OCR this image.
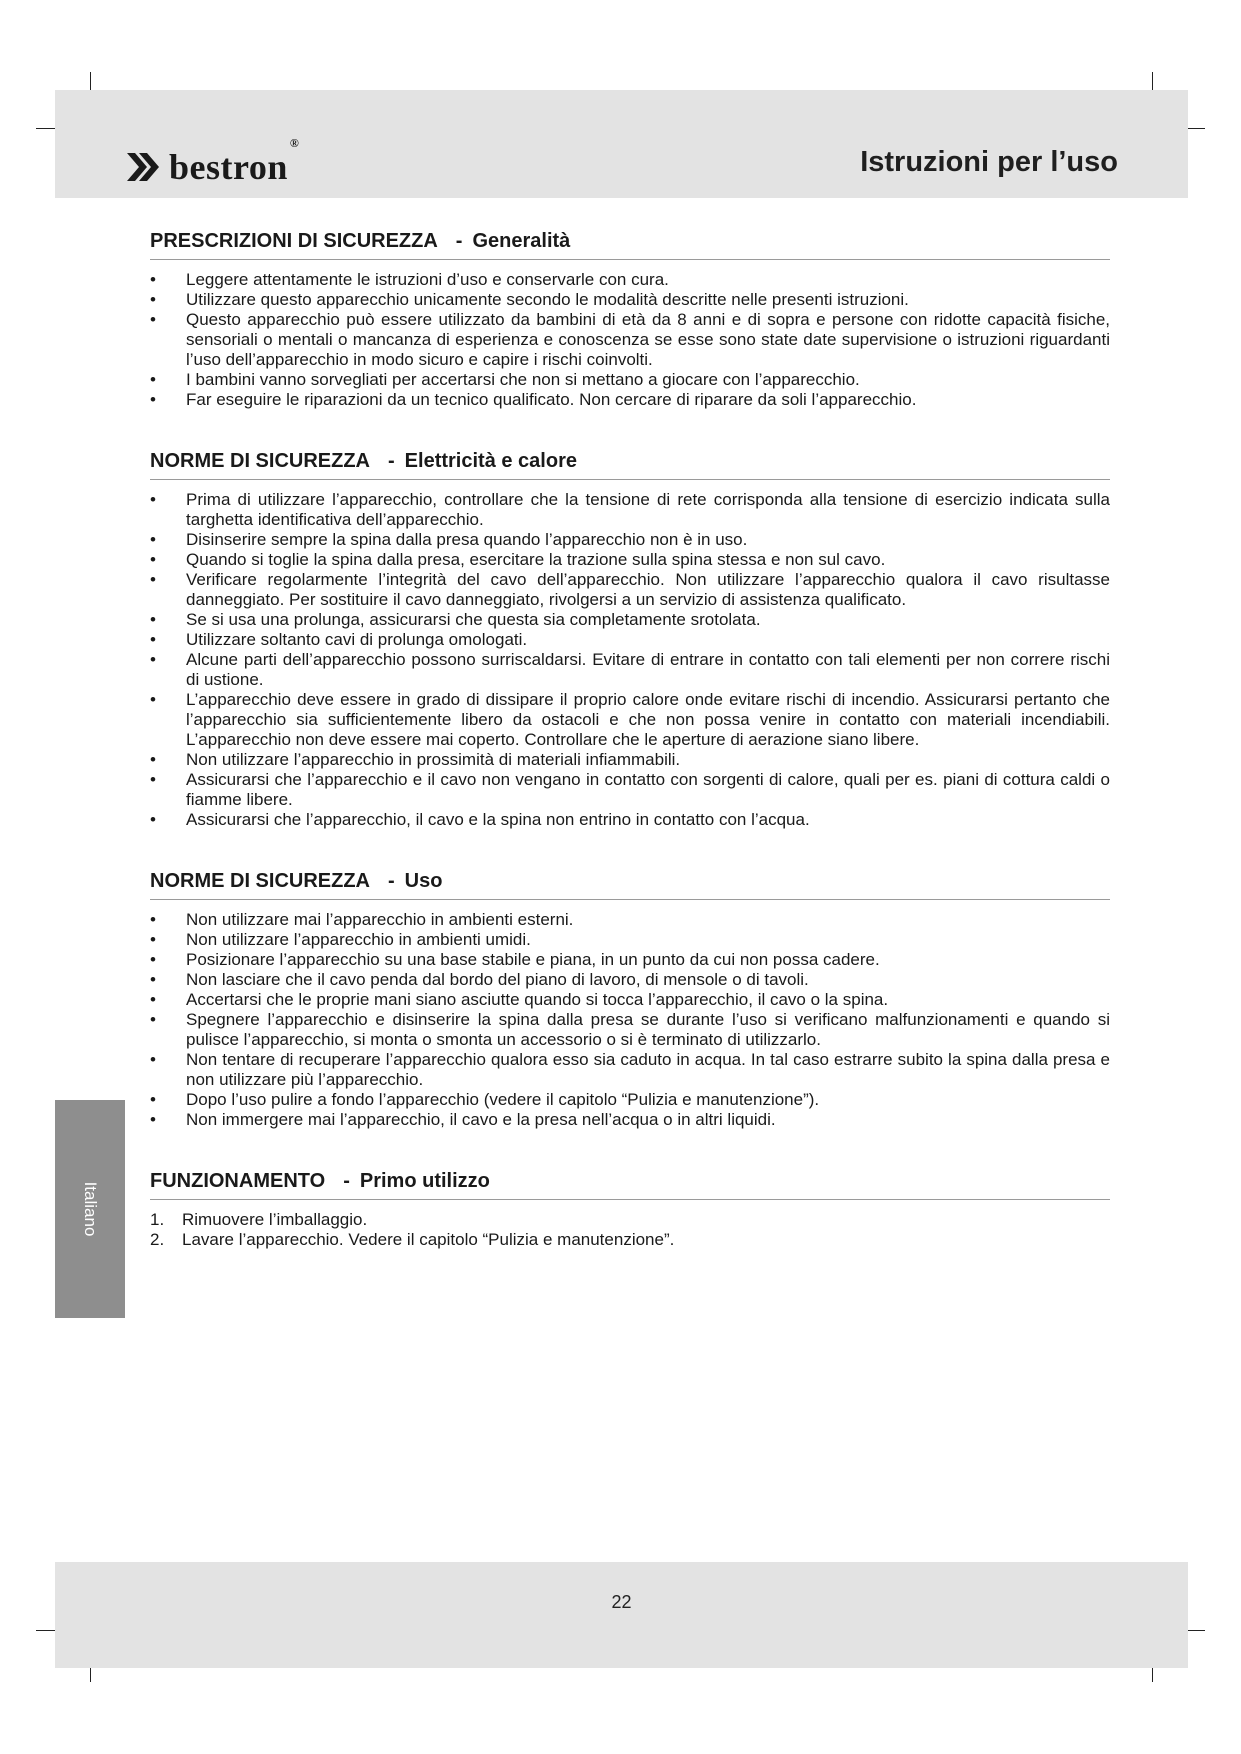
bestron®
Istruzioni per l’uso
Italiano
PRESCRIZIONI DI SICUREZZA - Generalità
• Leggere attentamente le istruzioni d’uso e conservarle con cura.
• Utilizzare questo apparecchio unicamente secondo le modalità descritte nelle presenti istruzioni.
• Questo apparecchio può essere utilizzato da bambini di età da 8 anni e di sopra e persone con ridotte capacità fisiche, sensoriali o mentali o mancanza di esperienza e conoscenza se esse sono state date supervisione o istruzioni riguardanti l’uso dell’apparecchio in modo sicuro e capire i rischi coinvolti.
• I bambini vanno sorvegliati per accertarsi che non si mettano a giocare con l’apparecchio.
• Far eseguire le riparazioni da un tecnico qualificato. Non cercare di riparare da soli l’apparecchio.
NORME DI SICUREZZA - Elettricità e calore
• Prima di utilizzare l’apparecchio, controllare che la tensione di rete corrisponda alla tensione di esercizio indicata sulla targhetta identificativa dell’apparecchio.
• Disinserire sempre la spina dalla presa quando l’apparecchio non è in uso.
• Quando si toglie la spina dalla presa, esercitare la trazione sulla spina stessa e non sul cavo.
• Verificare regolarmente l’integrità del cavo dell’apparecchio. Non utilizzare l’apparecchio qualora il cavo risultasse danneggiato. Per sostituire il cavo danneggiato, rivolgersi a un servizio di assistenza qualificato.
• Se si usa una prolunga, assicurarsi che questa sia completamente srotolata.
• Utilizzare soltanto cavi di prolunga omologati.
• Alcune parti dell’apparecchio possono surriscaldarsi. Evitare di entrare in contatto con tali elementi per non correre rischi di ustione.
• L’apparecchio deve essere in grado di dissipare il proprio calore onde evitare rischi di incendio. Assicurarsi pertanto che l’apparecchio sia sufficientemente libero da ostacoli e che non possa venire in contatto con materiali incendiabili. L’apparecchio non deve essere mai coperto. Controllare che le aperture di aerazione siano libere.
• Non utilizzare l’apparecchio in prossimità di materiali infiammabili.
• Assicurarsi che l’apparecchio e il cavo non vengano in contatto con sorgenti di calore, quali per es. piani di cottura caldi o fiamme libere.
• Assicurarsi che l’apparecchio, il cavo e la spina non entrino in contatto con l’acqua.
NORME DI SICUREZZA - Uso
• Non utilizzare mai l’apparecchio in ambienti esterni.
• Non utilizzare l’apparecchio in ambienti umidi.
• Posizionare l’apparecchio su una base stabile e piana, in un punto da cui non possa cadere.
• Non lasciare che il cavo penda dal bordo del piano di lavoro, di mensole o di tavoli.
• Accertarsi che le proprie mani siano asciutte quando si tocca l’apparecchio, il cavo o la spina.
• Spegnere l’apparecchio e disinserire la spina dalla presa se durante l’uso si verificano malfunzionamenti e quando si pulisce l’apparecchio, si monta o smonta un accessorio o si è terminato di utilizzarlo.
• Non tentare di recuperare l’apparecchio qualora esso sia caduto in acqua. In tal caso estrarre subito la spina dalla presa e non utilizzare più l’apparecchio.
• Dopo l’uso pulire a fondo l’apparecchio (vedere il capitolo “Pulizia e manutenzione”).
• Non immergere mai l’apparecchio, il cavo e la presa nell’acqua o in altri liquidi.
FUNZIONAMENTO - Primo utilizzo
1. Rimuovere l’imballaggio.
2. Lavare l’apparecchio. Vedere il capitolo “Pulizia e manutenzione”.
22
